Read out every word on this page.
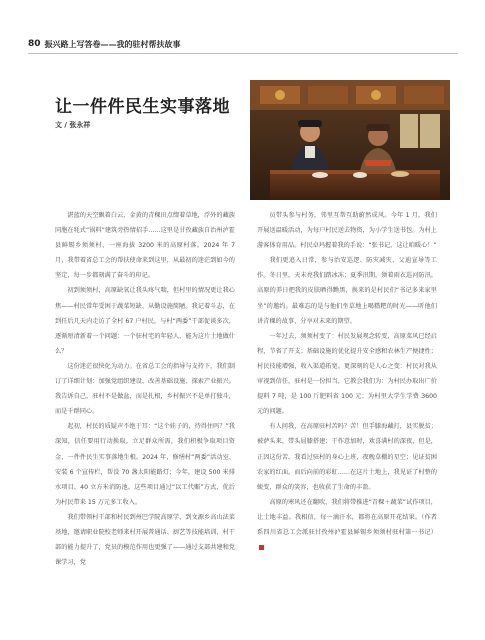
80 振兴路上写答卷——我的驻村帮扶故事
让一件件民生实事落地
文 / 张永祥

湛蓝的天空飘着白云，金黄的青稞田点缀着草地，浮外的藏族同胞在牦式“锅料”建筑旁热情招手……这里是甘孜藏族自治州泸霍县鲜锡乡须须村，一座海拔 3200 米的高原村落。2024 年 7 月，我带着省总工会的帮扶使命来到这里，从最初的迷茫到如今的坚定，每一步都刻满了奋斗的印记。

初到须须村，高原缺氧让我头疼气喘，但村里的情况更让我心焦——村民常年受困于蔬菜短缺、从勤设施简陋。我记着斗志，在到任后几天内走访了全村 67 户村民，与村“两委”干部促谈多次，逐渐厘清新着一个问题：一个驻村宅的年轻人，能为这片土地做什么？

这份迷茫很快化为动力。在省总工会的指导与支持下，我们制订了详细计划：加强党组织建设、改善基础设施、探索产业振兴。我告诉自己，驻村不是做盆，而是扎根，乡村振兴不是单打独斗，而是千群同心。

起初，村民的质疑声不绝于耳：“这个娃子的，待得住吗？”我深知，信任要用行动换取。立足群众所需，我们积极争取项目资金，一件件民生实事落地生根。2024 年，修缮村“两委”活动室、安装 6 个宣传栏，帮没 70 盏太阳能路灯；今年，建设 500 米排水项目、40 立方米消防池。这些项目通过“以工代赈”方式，优后为村民带来 15 万元多工收入。

我们带领村干部和村民到州巴学院高原学、到文源乡高山法菜基地，邀请职业院校老师来村开展普通话、厨艺等技能培训，村干部的能力提升了，党员的模范作用也更强了——通过支部共建和党课学习，党

员带头参与村务，邻里互帮互助蔚然成风。今年 1 月，我们开展送温暖活动，为每户村民送去物资，为小学生送书包。为村上游客体育用品。村民卓玛握着我的手说：“张书记，这让咱暖心！”

我们更追入日常，参与治安巡逻、防灾减灾、父迪宣导等工作。冬日里，天未亮我们踏冰冻；夏季汛期，须着雨衣巡河防汛。高原的养日把我的皮肤晒得黝黑，换来的是村民们“书记多来家里坐”的邀约。最难忘的是与他们坐草地上喝糌粑的时光——听他们讲青稞的故事，分享对未来的期望。

一年过去，须须村变了：村民发展观念转变，高原菜风已经启程，节省了开支；基础设施的优化提升安全感和农林生产便捷性；村民技能增强，收入渠道拓宽。更深刻的是人心之变：村民对我从审视到信任，驻村是一份担当，它教会我们为：为村民办取出广价提料 7 吨，是 100 斤肥料省 100 元；为村里大学生学费 3600 元的问题。

有人问我，在高原驻村苦吗？苦！但手膝海藏打，县实脱贫；被萨头来，带头屈膝搭建；干作意加时，欢喜满村的深夜，但是，正因这份苦，我看过驻村的身心上班，夜晚草棚的星空；见证贫困农家的红面，而后向前的彩虹……在这片土地上，我见证了村整的蜕变，群众的笑容，也收获了生命的丰盈。

高原的寒风还在翻吹，我们将带推进“青稞＋蔬菜”试作项目，让土地丰益。我相信，每一滴汗水，都将在高原开花结果。（作者系四川省总工会派驻甘孜州泸霍县鲜锡乡须须村驻村第一书记）
